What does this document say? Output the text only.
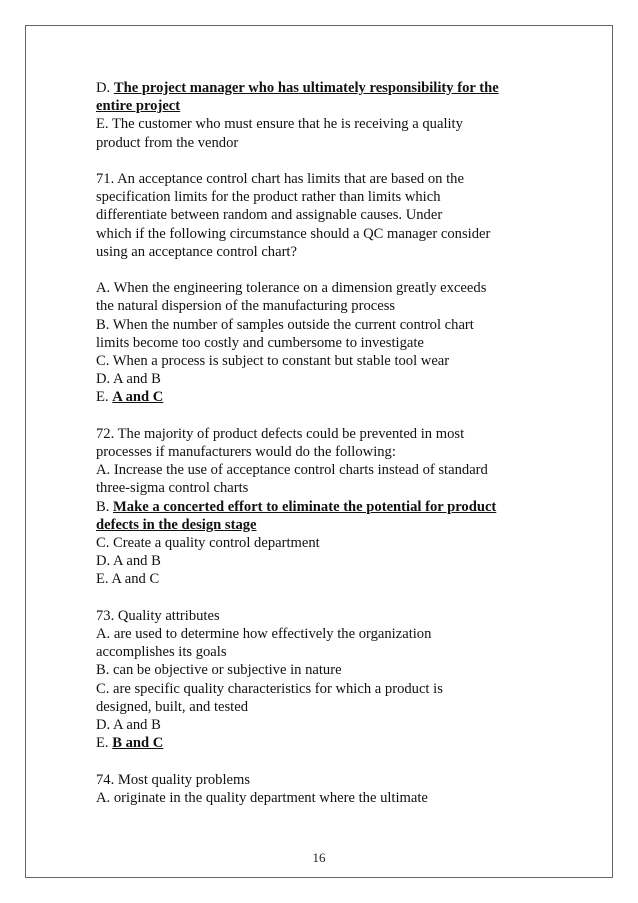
D. The project manager who has ultimately responsibility for the
entire project
E. The customer who must ensure that he is receiving a quality
product from the vendor
71. An acceptance control chart has limits that are based on the
specification limits for the product rather than limits which
differentiate between random and assignable causes. Under
which if the following circumstance should a QC manager consider
using an acceptance control chart?
A. When the engineering tolerance on a dimension greatly exceeds
the natural dispersion of the manufacturing process
B. When the number of samples outside the current control chart
limits become too costly and cumbersome to investigate
C. When a process is subject to constant but stable tool wear
D. A and B
E. A and C
72. The majority of product defects could be prevented in most
processes if manufacturers would do the following:
A. Increase the use of acceptance control charts instead of standard
three-sigma control charts
B. Make a concerted effort to eliminate the potential for product
defects in the design stage
C. Create a quality control department
D. A and B
E. A and C
73. Quality attributes
A. are used to determine how effectively the organization
accomplishes its goals
B. can be objective or subjective in nature
C. are specific quality characteristics for which a product is
designed, built, and tested
D. A and B
E. B and C
74. Most quality problems
A. originate in the quality department where the ultimate
16
